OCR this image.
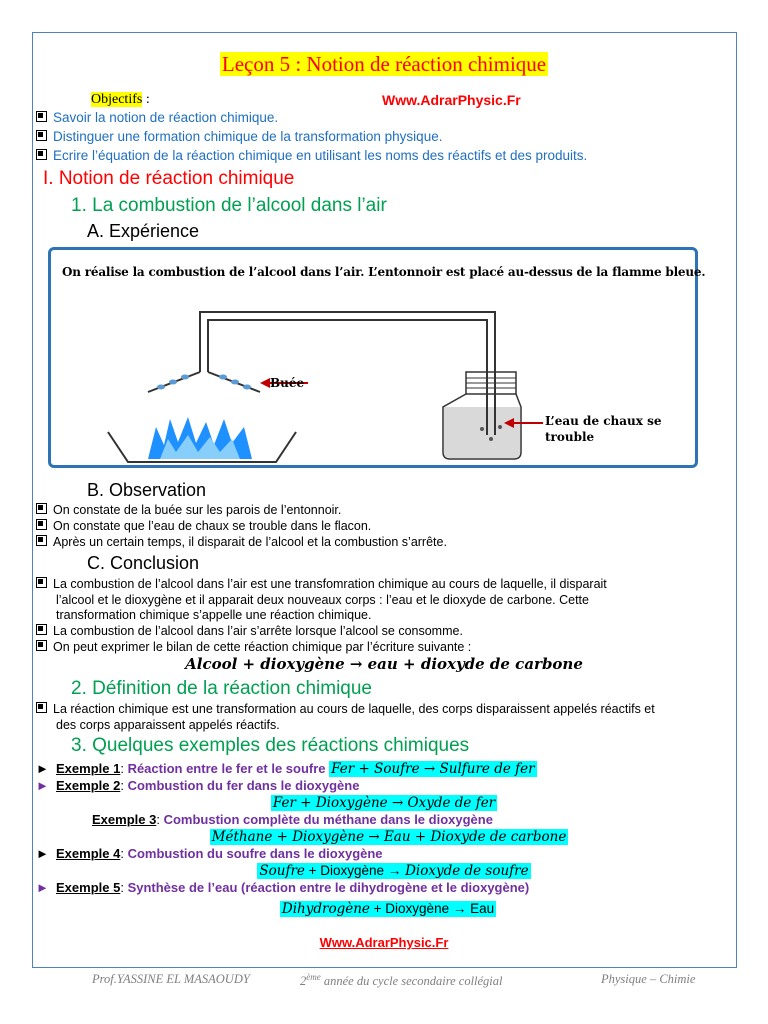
Leçon 5 : Notion de réaction chimique
Objectifs :	Www.AdrarPhysic.Fr
Savoir la notion de réaction chimique.
Distinguer une formation chimique de la transformation physique.
Ecrire l’équation de la réaction chimique en utilisant les noms des réactifs et des produits.
I. Notion de réaction chimique
1. La combustion de l’alcool dans l’air
A. Expérience
On réalise la combustion de l’alcool dans l’air. L’entonnoir est placé au-dessus de la flamme bleue.
Buée
L’eau de chaux se
trouble
B. Observation
On constate de la buée sur les parois de l’entonnoir.
On constate que l’eau de chaux se trouble dans le flacon.
Après un certain temps, il disparait de l’alcool et la combustion s’arrête.
C. Conclusion
La combustion de l’alcool dans l’air est une transfomration chimique au cours de laquelle, il disparait
l’alcool et le dioxygène et il apparait deux nouveaux corps : l’eau et le dioxyde de carbone. Cette
transformation chimique s’appelle une réaction chimique.
La combustion de l’alcool dans l’air s’arrête lorsque l’alcool se consomme.
On peut exprimer le bilan de cette réaction chimique par l’écriture suivante :
Alcool + dioxygène → eau + dioxyde de carbone
2. Définition de la réaction chimique
La réaction chimique est une transformation au cours de laquelle, des corps disparaissent appelés réactifs et
des corps apparaissent appelés réactifs.
3. Quelques exemples des réactions chimiques
► Exemple 1: Réaction entre le fer et le soufre Fer + Soufre → Sulfure de fer
► Exemple 2: Combustion du fer dans le dioxygène
Fer + Dioxygène → Oxyde de fer
Exemple 3: Combustion complète du méthane dans le dioxygène
Méthane + Dioxygène → Eau + Dioxyde de carbone
► Exemple 4: Combustion du soufre dans le dioxygène
Soufre + Dioxygène → Dioxyde de soufre
► Exemple 5: Synthèse de l’eau (réaction entre le dihydrogène et le dioxygène)
Dihydrogène + Dioxygène → Eau
Www.AdrarPhysic.Fr
Prof.YASSINE EL MASAOUDY	2ème année du cycle secondaire collégial	Physique – Chimie
